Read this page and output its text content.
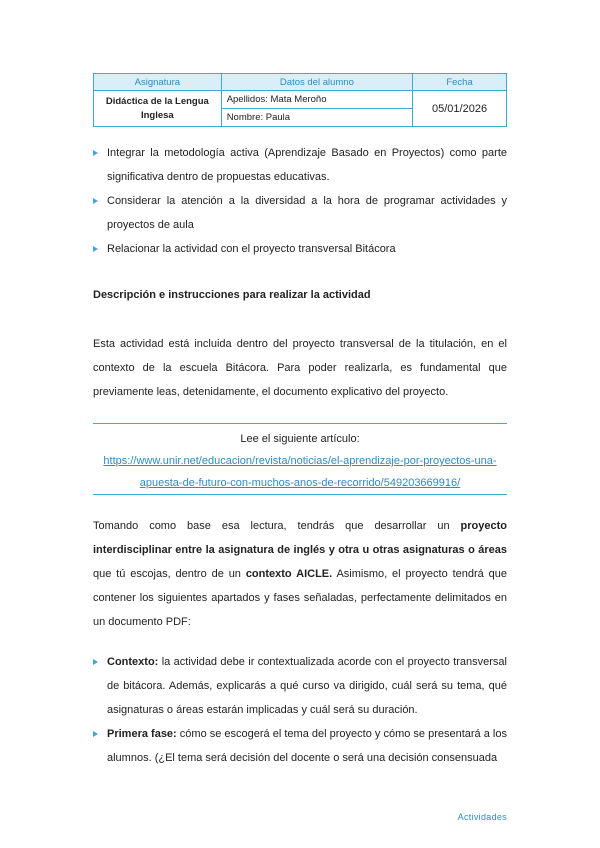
Asignatura	Datos del alumno	Fecha
Didáctica de la Lengua
Inglesa	Apellidos: Mata Meroño	05/01/2026
	Nombre: Paula	
Integrar la metodología activa (Aprendizaje Basado en Proyectos) como parte significativa dentro de propuestas educativas.
Considerar la atención a la diversidad a la hora de programar actividades y proyectos de aula
Relacionar la actividad con el proyecto transversal Bitácora
Descripción e instrucciones para realizar la actividad

Esta actividad está incluida dentro del proyecto transversal de la titulación, en el contexto de la escuela Bitácora. Para poder realizarla, es fundamental que previamente leas, detenidamente, el documento explicativo del proyecto.

Lee el siguiente artículo:
https://www.unir.net/educacion/revista/noticias/el-aprendizaje-por-proyectos-una-
apuesta-de-futuro-con-muchos-anos-de-recorrido/549203669916/

Tomando como base esa lectura, tendrás que desarrollar un proyecto interdisciplinar entre la asignatura de inglés y otra u otras asignaturas o áreas que tú escojas, dentro de un contexto AICLE. Asimismo, el proyecto tendrá que contener los siguientes apartados y fases señaladas, perfectamente delimitados en un documento PDF:

Contexto: la actividad debe ir contextualizada acorde con el proyecto transversal de bitácora. Además, explicarás a qué curso va dirigido, cuál será su tema, qué asignaturas o áreas estarán implicadas y cuál será su duración.
Primera fase: cómo se escogerá el tema del proyecto y cómo se presentará a los alumnos. (¿El tema será decisión del docente o será una decisión consensuada
Actividades
